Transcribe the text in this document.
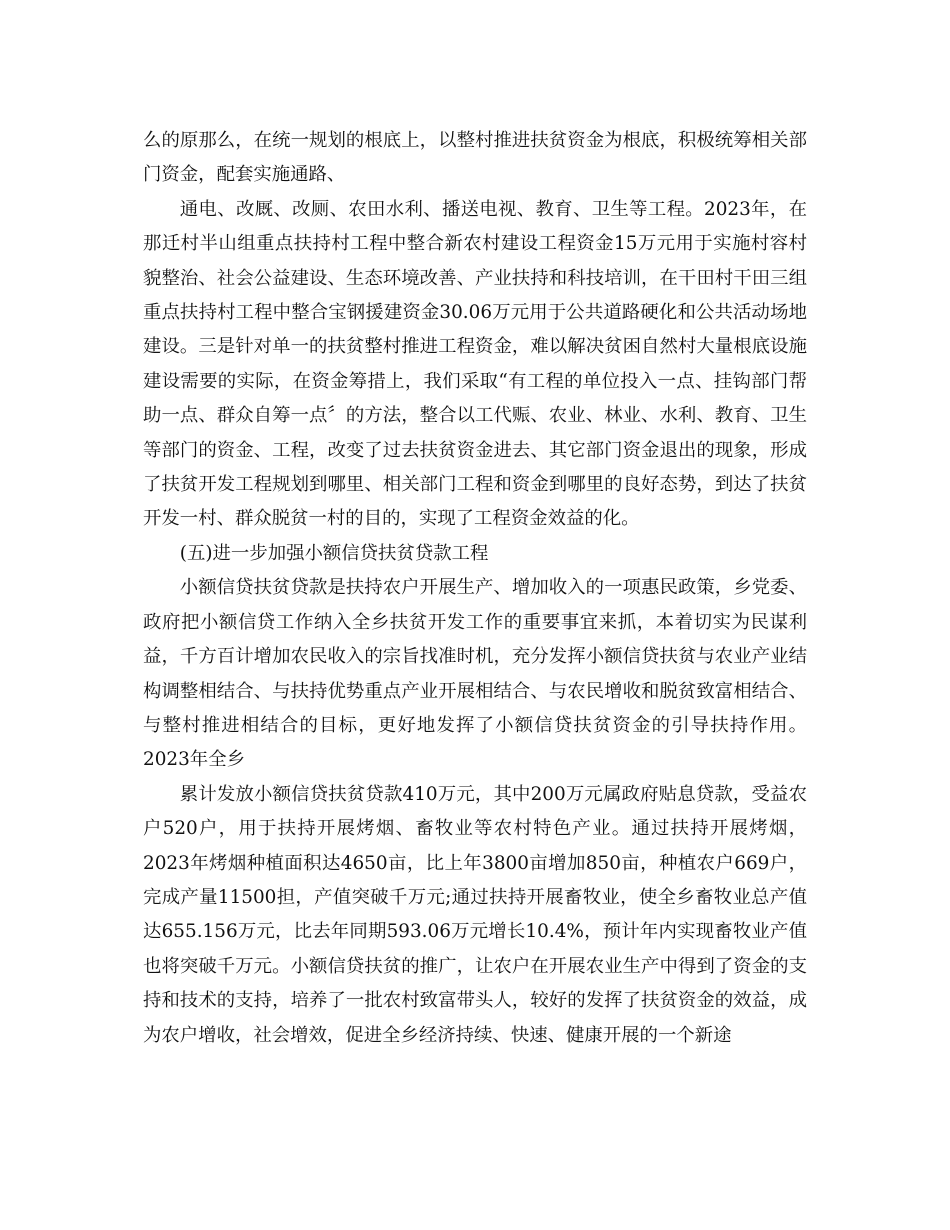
么的原那么，在统一规划的根底上，以整村推进扶贫资金为根底，积极统筹相关部门资金，配套实施通路、

通电、改厩、改厕、农田水利、播送电视、教育、卫生等工程。2023年，在那迁村半山组重点扶持村工程中整合新农村建设工程资金15万元用于实施村容村貌整治、社会公益建设、生态环境改善、产业扶持和科技培训，在干田村干田三组重点扶持村工程中整合宝钢援建资金30.06万元用于公共道路硬化和公共活动场地建设。三是针对单一的扶贫整村推进工程资金，难以解决贫困自然村大量根底设施建设需要的实际，在资金筹措上，我们采取“有工程的单位投入一点、挂钩部门帮助一点、群众自筹一点〞的方法，整合以工代赈、农业、林业、水利、教育、卫生等部门的资金、工程，改变了过去扶贫资金进去、其它部门资金退出的现象，形成了扶贫开发工程规划到哪里、相关部门工程和资金到哪里的良好态势，到达了扶贫开发一村、群众脱贫一村的目的，实现了工程资金效益的化。

(五)进一步加强小额信贷扶贫贷款工程

小额信贷扶贫贷款是扶持农户开展生产、增加收入的一项惠民政策，乡党委、政府把小额信贷工作纳入全乡扶贫开发工作的重要事宜来抓，本着切实为民谋利益，千方百计增加农民收入的宗旨找准时机，充分发挥小额信贷扶贫与农业产业结构调整相结合、与扶持优势重点产业开展相结合、与农民增收和脱贫致富相结合、与整村推进相结合的目标，更好地发挥了小额信贷扶贫资金的引导扶持作用。2023年全乡

累计发放小额信贷扶贫贷款410万元，其中200万元属政府贴息贷款，受益农户520户，用于扶持开展烤烟、畜牧业等农村特色产业。通过扶持开展烤烟，2023年烤烟种植面积达4650亩，比上年3800亩增加850亩，种植农户669户，完成产量11500担，产值突破千万元;通过扶持开展畜牧业，使全乡畜牧业总产值达655.156万元，比去年同期593.06万元增长10.4%，预计年内实现畜牧业产值也将突破千万元。小额信贷扶贫的推广，让农户在开展农业生产中得到了资金的支持和技术的支持，培养了一批农村致富带头人，较好的发挥了扶贫资金的效益，成为农户增收，社会增效，促进全乡经济持续、快速、健康开展的一个新途
